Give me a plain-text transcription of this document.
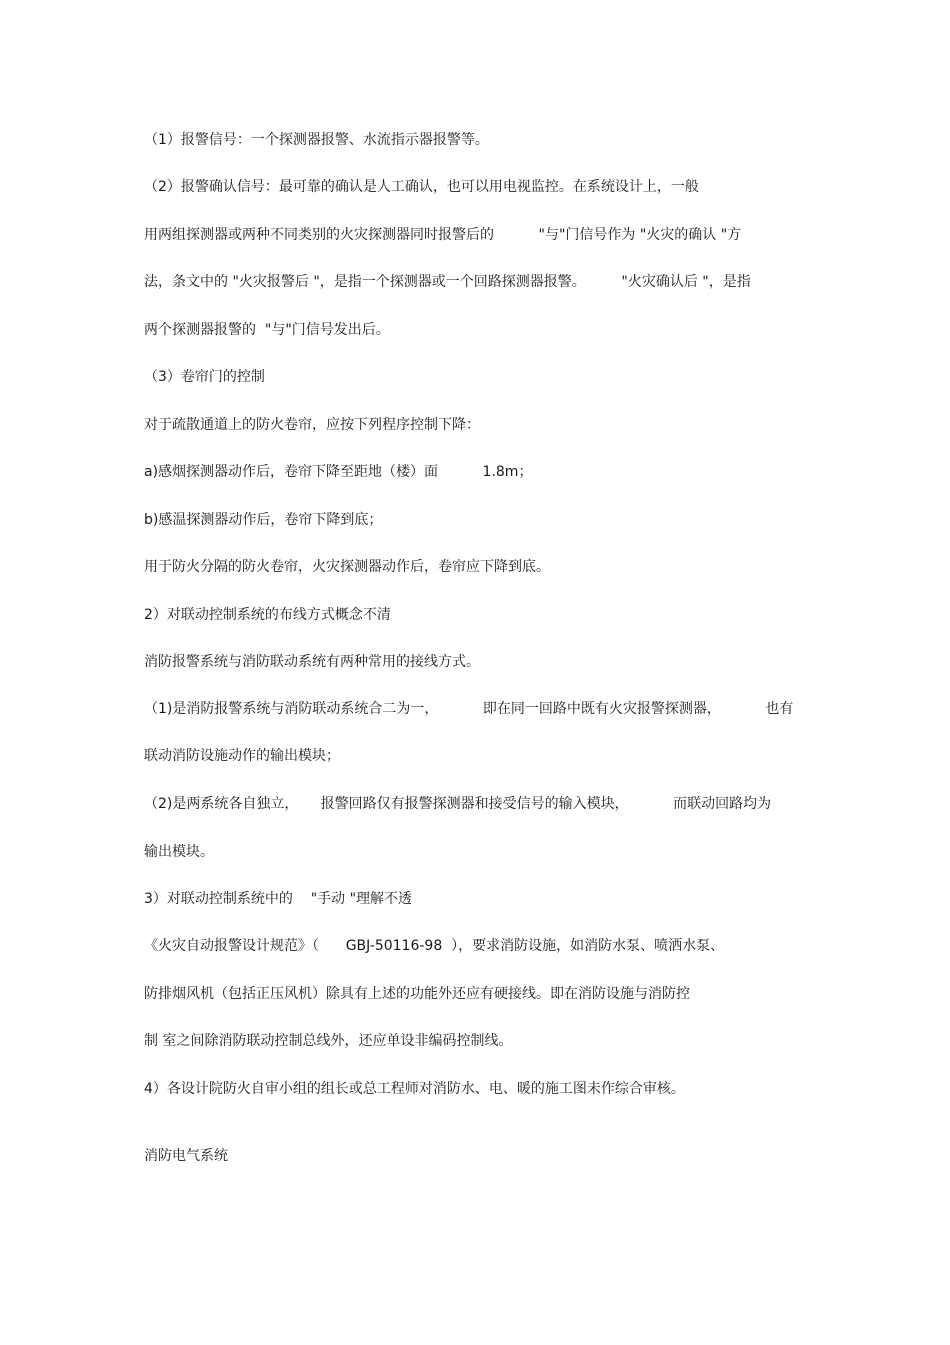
（1）报警信号：一个探测器报警、水流指示器报警等。
（2）报警确认信号：最可靠的确认是人工确认，也可以用电视监控。在系统设计上，一般
用两组探测器或两种不同类别的火灾探测器同时报警后的          "与"门信号作为 "火灾的确认 "方
法，条文中的 "火灾报警后 "，是指一个探测器或一个回路探测器报警。        "火灾确认后 "，是指
两个探测器报警的  "与"门信号发出后。
（3）卷帘门的控制
对于疏散通道上的防火卷帘，应按下列程序控制下降：
a)感烟探测器动作后，卷帘下降至距地（楼）面          1.8m；
b)感温探测器动作后，卷帘下降到底；
用于防火分隔的防火卷帘，火灾探测器动作后，卷帘应下降到底。
2）对联动控制系统的布线方式概念不清
消防报警系统与消防联动系统有两种常用的接线方式。
（1)是消防报警系统与消防联动系统合二为一，          即在同一回路中既有火灾报警探测器，          也有
联动消防设施动作的输出模块；
（2)是两系统各自独立，     报警回路仅有报警探测器和接受信号的输入模块，          而联动回路均为
输出模块。
3）对联动控制系统中的    "手动 "理解不透
《火灾自动报警设计规范》（      GBJ-50116-98  ），要求消防设施，如消防水泵、喷洒水泵、
防排烟风机（包括正压风机）除具有上述的功能外还应有硬接线。即在消防设施与消防控
制 室之间除消防联动控制总线外，还应单设非编码控制线。
4）各设计院防火自审小组的组长或总工程师对消防水、电、暖的施工图未作综合审核。
消防电气系统
